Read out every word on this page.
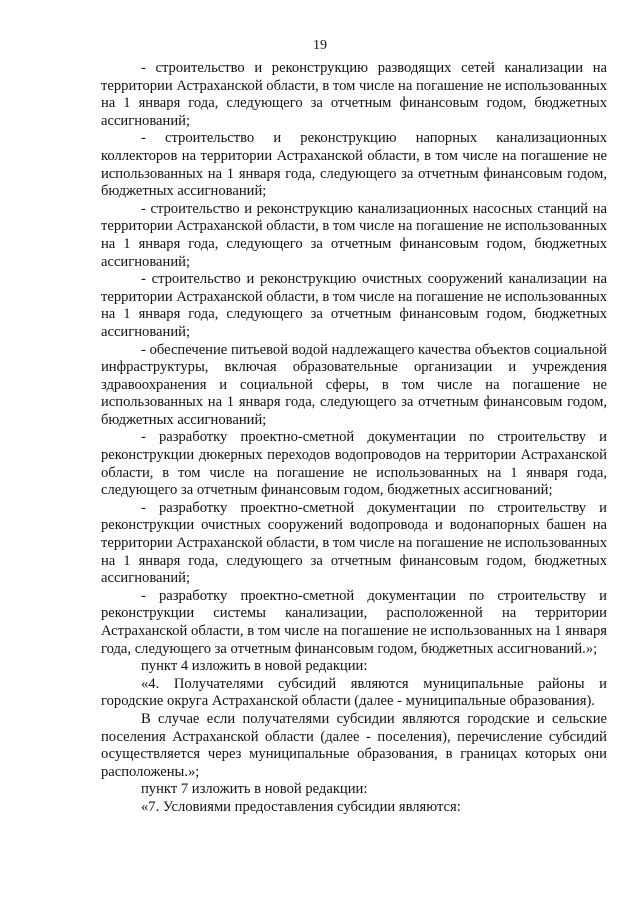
19

- строительство и реконструкцию разводящих сетей канализации на территории Астраханской области, в том числе на погашение не использованных на 1 января года, следующего за отчетным финансовым годом, бюджетных ассигнований;

- строительство и реконструкцию напорных канализационных коллекторов на территории Астраханской области, в том числе на погашение не использованных на 1 января года, следующего за отчетным финансовым годом, бюджетных ассигнований;

- строительство и реконструкцию канализационных насосных станций на территории Астраханской области, в том числе на погашение не использованных на 1 января года, следующего за отчетным финансовым годом, бюджетных ассигнований;

- строительство и реконструкцию очистных сооружений канализации на территории Астраханской области, в том числе на погашение не использованных на 1 января года, следующего за отчетным финансовым годом, бюджетных ассигнований;

- обеспечение питьевой водой надлежащего качества объектов социальной инфраструктуры, включая образовательные организации и учреждения здравоохранения и социальной сферы, в том числе на погашение не использованных на 1 января года, следующего за отчетным финансовым годом, бюджетных ассигнований;

- разработку проектно-сметной документации по строительству и реконструкции дюкерных переходов водопроводов на территории Астраханской области, в том числе на погашение не использованных на 1 января года, следующего за отчетным финансовым годом, бюджетных ассигнований;

- разработку проектно-сметной документации по строительству и реконструкции очистных сооружений водопровода и водонапорных башен на территории Астраханской области, в том числе на погашение не использованных на 1 января года, следующего за отчетным финансовым годом, бюджетных ассигнований;

- разработку проектно-сметной документации по строительству и реконструкции системы канализации, расположенной на территории Астраханской области, в том числе на погашение не использованных на 1 января года, следующего за отчетным финансовым годом, бюджетных ассигнований.»;

пункт 4 изложить в новой редакции:

«4. Получателями субсидий являются муниципальные районы и городские округа Астраханской области (далее - муниципальные образования).

В случае если получателями субсидии являются городские и сельские поселения Астраханской области (далее - поселения), перечисление субсидий осуществляется через муниципальные образования, в границах которых они расположены.»;

пункт 7 изложить в новой редакции:

«7. Условиями предоставления субсидии являются:
